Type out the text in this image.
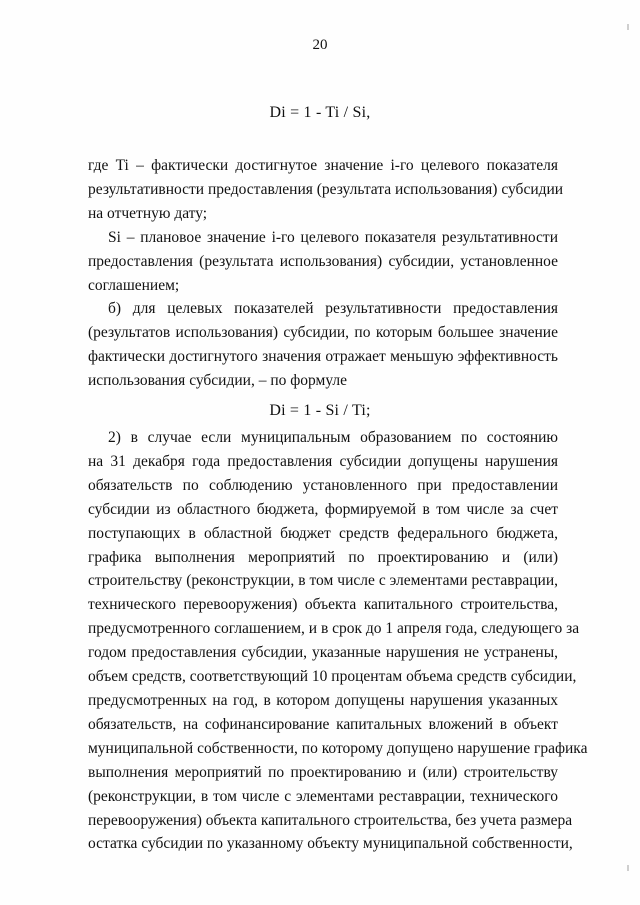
20
Di = 1 - Ti / Si,
где Ti – фактически достигнутое значение i-го целевого показателя
результативности предоставления (результата использования) субсидии
на отчетную дату;
Si – плановое значение i-го целевого показателя результативности
предоставления (результата использования) субсидии, установленное
соглашением;
б) для целевых показателей результативности предоставления
(результатов использования) субсидии, по которым большее значение
фактически достигнутого значения отражает меньшую эффективность
использования субсидии, – по формуле
Di = 1 - Si / Ti;
2) в случае если муниципальным образованием по состоянию
на 31 декабря года предоставления субсидии допущены нарушения
обязательств по соблюдению установленного при предоставлении
субсидии из областного бюджета, формируемой в том числе за счет
поступающих в областной бюджет средств федерального бюджета,
графика выполнения мероприятий по проектированию и (или)
строительству (реконструкции, в том числе с элементами реставрации,
технического перевооружения) объекта капитального строительства,
предусмотренного соглашением, и в срок до 1 апреля года, следующего за
годом предоставления субсидии, указанные нарушения не устранены,
объем средств, соответствующий 10 процентам объема средств субсидии,
предусмотренных на год, в котором допущены нарушения указанных
обязательств, на софинансирование капитальных вложений в объект
муниципальной собственности, по которому допущено нарушение графика
выполнения мероприятий по проектированию и (или) строительству
(реконструкции, в том числе с элементами реставрации, технического
перевооружения) объекта капитального строительства, без учета размера
остатка субсидии по указанному объекту муниципальной собственности,
